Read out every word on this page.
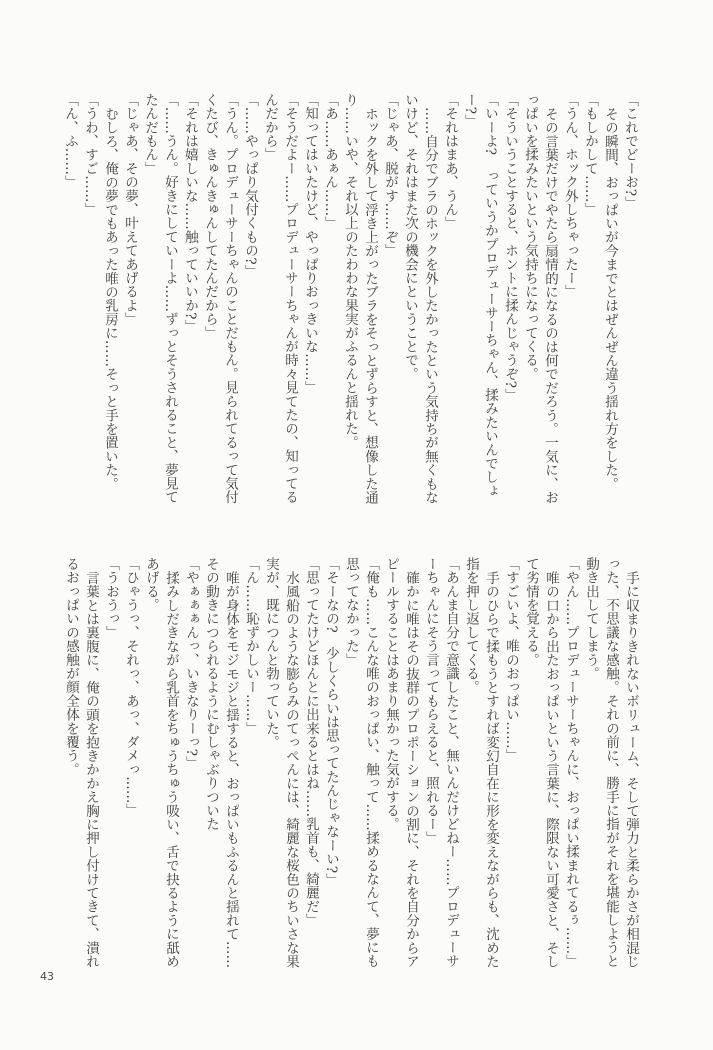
「これでどーお?」

その瞬間、おっぱいが今までとはぜんぜん違う揺れ方をした。

「もしかして……」

「うん、ホック外しちゃったー」

その言葉だけでやたら扇情的になるのは何でだろう。一気に、おっぱいを揉みたいという気持ちになってくる。

「そういうことすると、ホントに揉んじゃうぞ?」

「いーよ?　っていうかプロデューサーちゃん、揉みたいんでしょー?」

「それはまあ、うん」

……自分でブラのホックを外したかったという気持ちが無くもないけど、それはまた次の機会にということで。

「じゃあ、脱がす……ぞ」

ホックを外して浮き上がったブラをそっとずらすと、想像した通り……いや、それ以上のたわわな果実がふるんと揺れた。

「あ……あぁん……」

「知ってはいたけど、やっぱりおっきいな……」

「そうだよー……プロデューサーちゃんが時々見てたの、知ってるんだから」

「……やっぱり気付くもの?」

「うん。プロデューサーちゃんのことだもん。見られてるって気付くたび、きゅんきゅんしてたんだから」

「それは嬉しいな……触っていいか?」

「……うん。好きにしていーよ……ずっとそうされること、夢見てたんだもん」

「じゃあ、その夢、叶えてあげるよ」

むしろ、俺の夢でもあった唯の乳房に……そっと手を置いた。

「うわ、すご……」

「ん、ふ……」

手に収まりきれないボリューム、そして弾力と柔らかさが相混じった、不思議な感触。それの前に、勝手に指がそれを堪能しようと動き出してしまう。

「やん……プロデューサーちゃんに、おっぱい揉まれてるぅ……」

唯の口から出たおっぱいという言葉に、際限ない可愛さと、そして劣情を覚える。

「すごいよ、唯のおっぱい……」

手のひらで揉もうとすれば変幻自在に形を変えながらも、沈めた指を押し返してくる。

「あんま自分で意識したこと、無いんだけどねー……プロデューサーちゃんにそう言ってもらえると、照れるー」

確かに唯はその抜群のプロポーションの割に、それを自分からアピールすることはあまり無かった気がする。

「俺も……こんな唯のおっぱい、触って……揉めるなんて、夢にも思ってなかった」

「そーなの?　少しくらいは思ってたんじゃなーい?」

「思ってたけどほんとに出来るとはね……乳首も、綺麗だ」

水風船のような膨らみのてっぺんには、綺麗な桜色のちいさな果実が、既につんと勃っていた。

「ん……恥ずかしいー……」

唯が身体をモジモジと揺すると、おっぱいもふるんと揺れて……その動きにつられるようにむしゃぶりついた

「やぁぁぁんっ、いきなりーっ?」

揉みしだきながら乳首をちゅうちゅう吸い、舌で抉るように舐めあげる。

「ひゃうっ、それっ、あっ、ダメっ……」

「うおうっ」

言葉とは裏腹に、俺の頭を抱きかかえ胸に押し付けてきて、潰れるおっぱいの感触が顔全体を覆う。

43
